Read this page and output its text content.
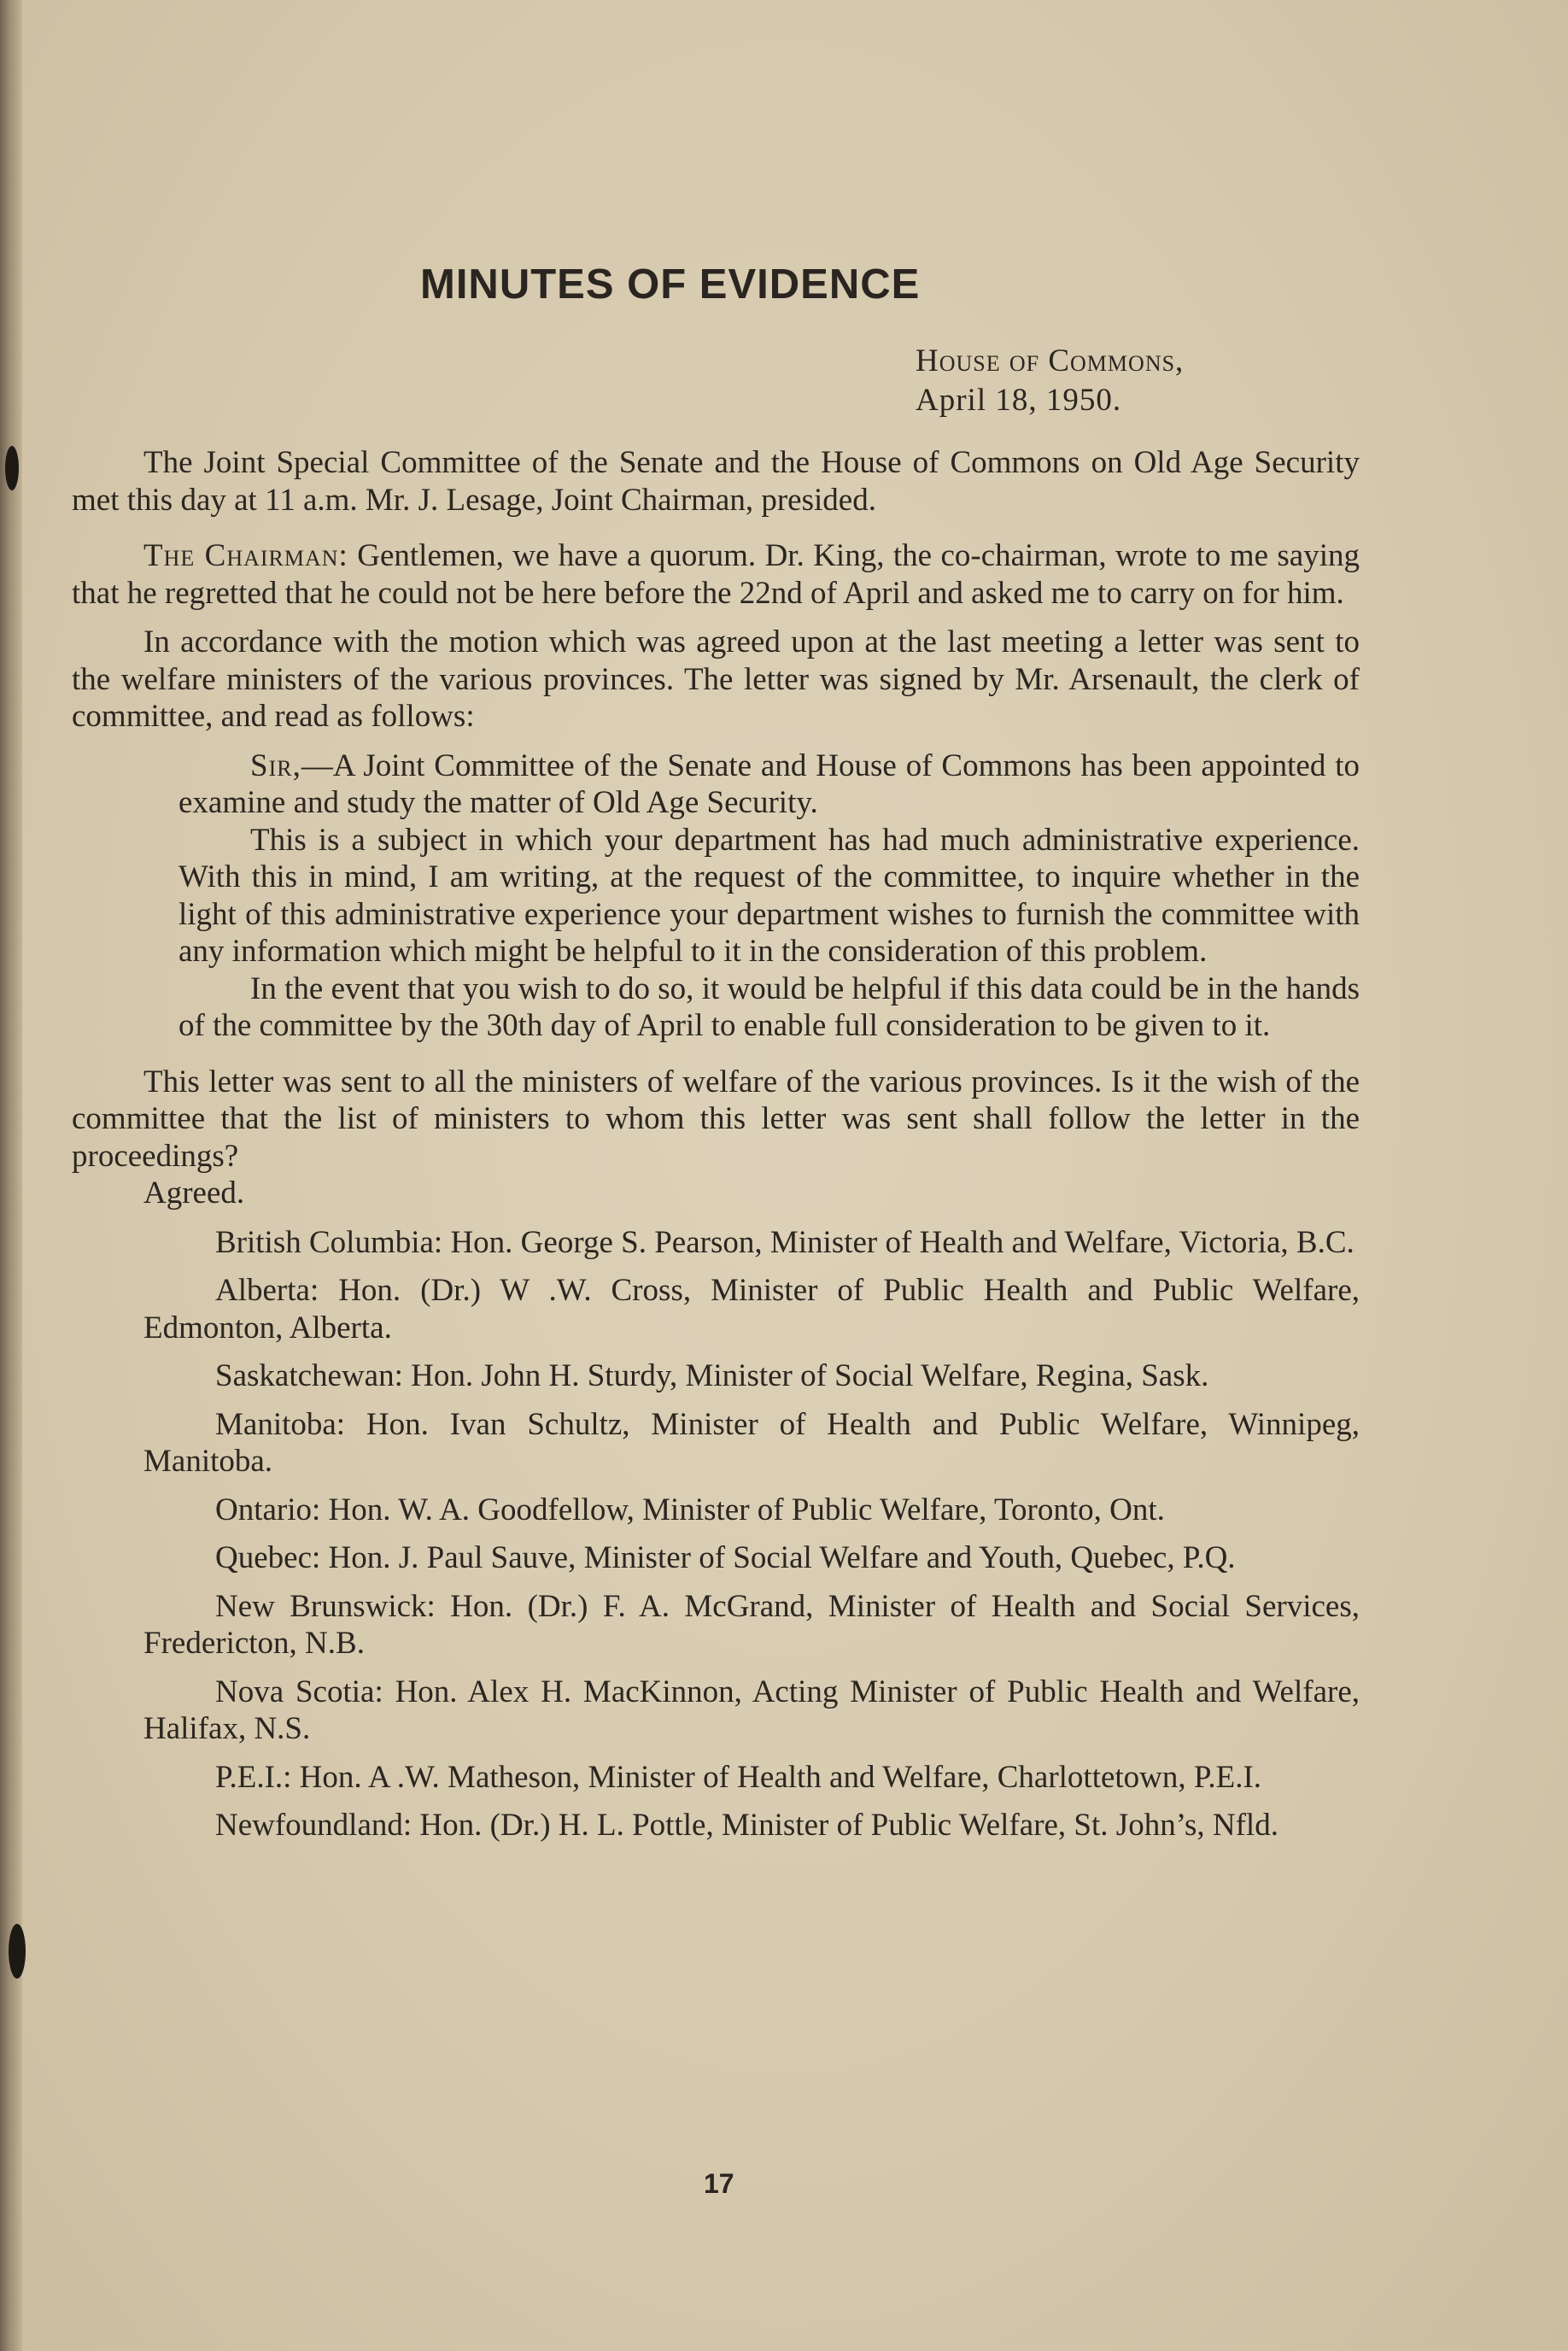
MINUTES OF EVIDENCE
House of Commons,
April 18, 1950.

The Joint Special Committee of the Senate and the House of Commons on Old Age Security met this day at 11 a.m. Mr. J. Lesage, Joint Chairman, presided.

The Chairman: Gentlemen, we have a quorum. Dr. King, the co-chairman, wrote to me saying that he regretted that he could not be here before the 22nd of April and asked me to carry on for him.

In accordance with the motion which was agreed upon at the last meeting a letter was sent to the welfare ministers of the various provinces. The letter was signed by Mr. Arsenault, the clerk of committee, and read as follows:

Sir,—A Joint Committee of the Senate and House of Commons has been appointed to examine and study the matter of Old Age Security.

This is a subject in which your department has had much administrative experience. With this in mind, I am writing, at the request of the committee, to inquire whether in the light of this administrative experience your department wishes to furnish the committee with any information which might be helpful to it in the consideration of this problem.

In the event that you wish to do so, it would be helpful if this data could be in the hands of the committee by the 30th day of April to enable full consideration to be given to it.

This letter was sent to all the ministers of welfare of the various provinces. Is it the wish of the committee that the list of ministers to whom this letter was sent shall follow the letter in the proceedings?

Agreed.

British Columbia: Hon. George S. Pearson, Minister of Health and Welfare, Victoria, B.C.

Alberta: Hon. (Dr.) W .W. Cross, Minister of Public Health and Public Welfare, Edmonton, Alberta.

Saskatchewan: Hon. John H. Sturdy, Minister of Social Welfare, Regina, Sask.

Manitoba: Hon. Ivan Schultz, Minister of Health and Public Welfare, Winnipeg, Manitoba.

Ontario: Hon. W. A. Goodfellow, Minister of Public Welfare, Toronto, Ont.

Quebec: Hon. J. Paul Sauve, Minister of Social Welfare and Youth, Quebec, P.Q.

New Brunswick: Hon. (Dr.) F. A. McGrand, Minister of Health and Social Services, Fredericton, N.B.

Nova Scotia: Hon. Alex H. MacKinnon, Acting Minister of Public Health and Welfare, Halifax, N.S.

P.E.I.: Hon. A .W. Matheson, Minister of Health and Welfare, Charlottetown, P.E.I.

Newfoundland: Hon. (Dr.) H. L. Pottle, Minister of Public Welfare, St. John’s, Nfld.

17
